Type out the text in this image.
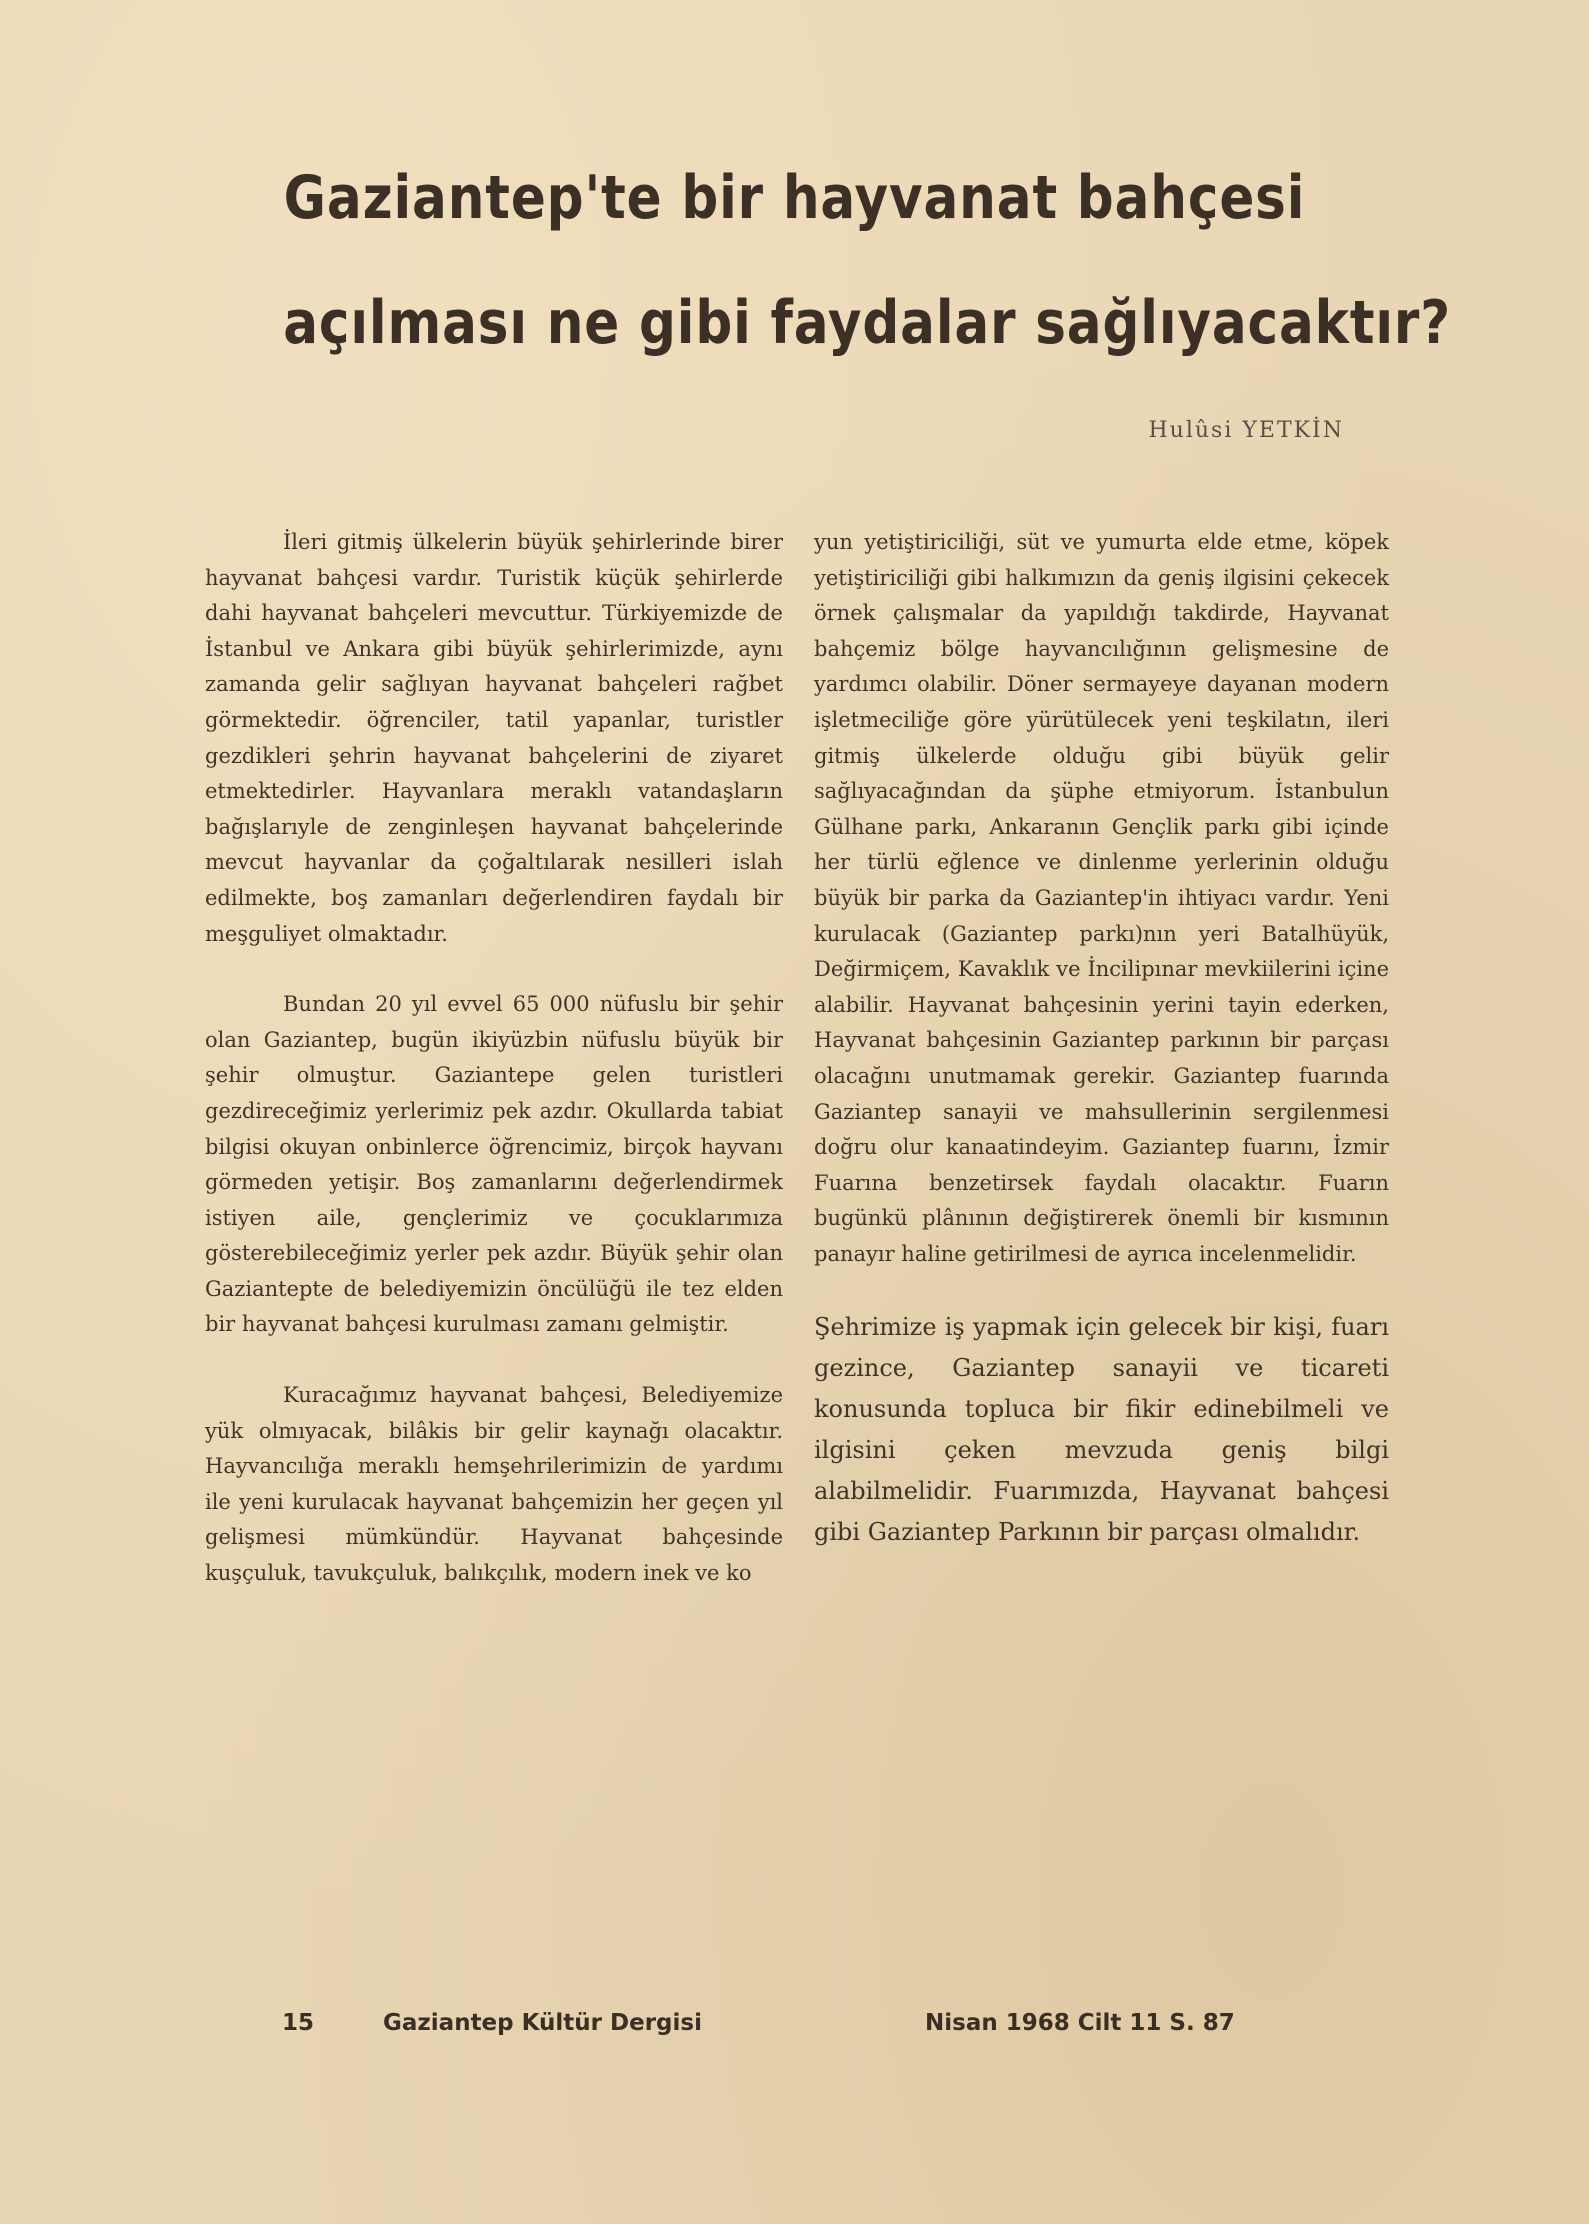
Gaziantep'te bir hayvanat bahçesi
açılması ne gibi faydalar sağlıyacaktır?
Hulûsi YETKİN

İleri gitmiş ülkelerin büyük şehirlerinde birer hayvanat bahçesi vardır. Turistik küçük şehirlerde dahi hayvanat bahçeleri mevcuttur. Türkiyemizde de İstanbul ve Ankara gibi büyük şehirlerimizde, aynı zamanda gelir sağlıyan hayvanat bahçeleri rağbet görmektedir. öğrenciler, tatil yapanlar, turistler gezdikleri şehrin hayvanat bahçelerini de ziyaret etmektedirler. Hayvanlara meraklı vatandaşların bağışlarıyle de zenginleşen hayvanat bahçelerinde mevcut hayvanlar da çoğaltılarak nesilleri islah edilmekte, boş zamanları değerlendiren faydalı bir meşguliyet olmaktadır.

Bundan 20 yıl evvel 65 000 nüfuslu bir şehir olan Gaziantep, bugün ikiyüzbin nüfuslu büyük bir şehir olmuştur. Gaziantepe gelen turistleri gezdireceğimiz yerlerimiz pek azdır. Okullarda tabiat bilgisi okuyan onbinlerce öğrencimiz, birçok hayvanı görmeden yetişir. Boş zamanlarını değerlendirmek istiyen aile, gençlerimiz ve çocuklarımıza gösterebileceğimiz yerler pek azdır. Büyük şehir olan Gaziantepte de belediyemizin öncülüğü ile tez elden bir hayvanat bahçesi kurulması zamanı gelmiştir.

Kuracağımız hayvanat bahçesi, Belediyemize yük olmıyacak, bilâkis bir gelir kaynağı olacaktır. Hayvancılığa meraklı hemşehrilerimizin de yardımı ile yeni kurulacak hayvanat bahçemizin her geçen yıl gelişmesi mümkündür. Hayvanat bahçesinde kuşçuluk, tavukçuluk, balıkçılık, modern inek ve ko

yun yetiştiriciliği, süt ve yumurta elde etme, köpek yetiştiriciliği gibi halkımızın da geniş ilgisini çekecek örnek çalışmalar da yapıldığı takdirde, Hayvanat bahçemiz bölge hayvancılığının gelişmesine de yardımcı olabilir. Döner sermayeye dayanan modern işletmeciliğe göre yürütülecek yeni teşkilatın, ileri gitmiş ülkelerde olduğu gibi büyük gelir sağlıyacağından da şüphe etmiyorum. İstanbulun Gülhane parkı, Ankaranın Gençlik parkı gibi içinde her türlü eğlence ve dinlenme yerlerinin olduğu büyük bir parka da Gaziantep'in ihtiyacı vardır. Yeni kurulacak (Gaziantep parkı)nın yeri Batalhüyük, Değirmiçem, Kavaklık ve İncilipınar mevkiilerini içine alabilir. Hayvanat bahçesinin yerini tayin ederken, Hayvanat bahçesinin Gaziantep parkının bir parçası olacağını unutmamak gerekir. Gaziantep fuarında Gaziantep sanayii ve mahsullerinin sergilenmesi doğru olur kanaatindeyim. Gaziantep fuarını, İzmir Fuarına benzetirsek faydalı olacaktır. Fuarın bugünkü plânının değiştirerek önemli bir kısmının panayır haline getirilmesi de ayrıca incelenmelidir.

Şehrimize iş yapmak için gelecek bir kişi, fuarı gezince, Gaziantep sanayii ve ticareti konusunda topluca bir fikir edinebilmeli ve ilgisini çeken mevzuda geniş bilgi alabilmelidir. Fuarımızda, Hayvanat bahçesi gibi Gaziantep Parkının bir parçası olmalıdır.

15	Gaziantep Kültür Dergisi	Nisan 1968 Cilt 11 S. 87
